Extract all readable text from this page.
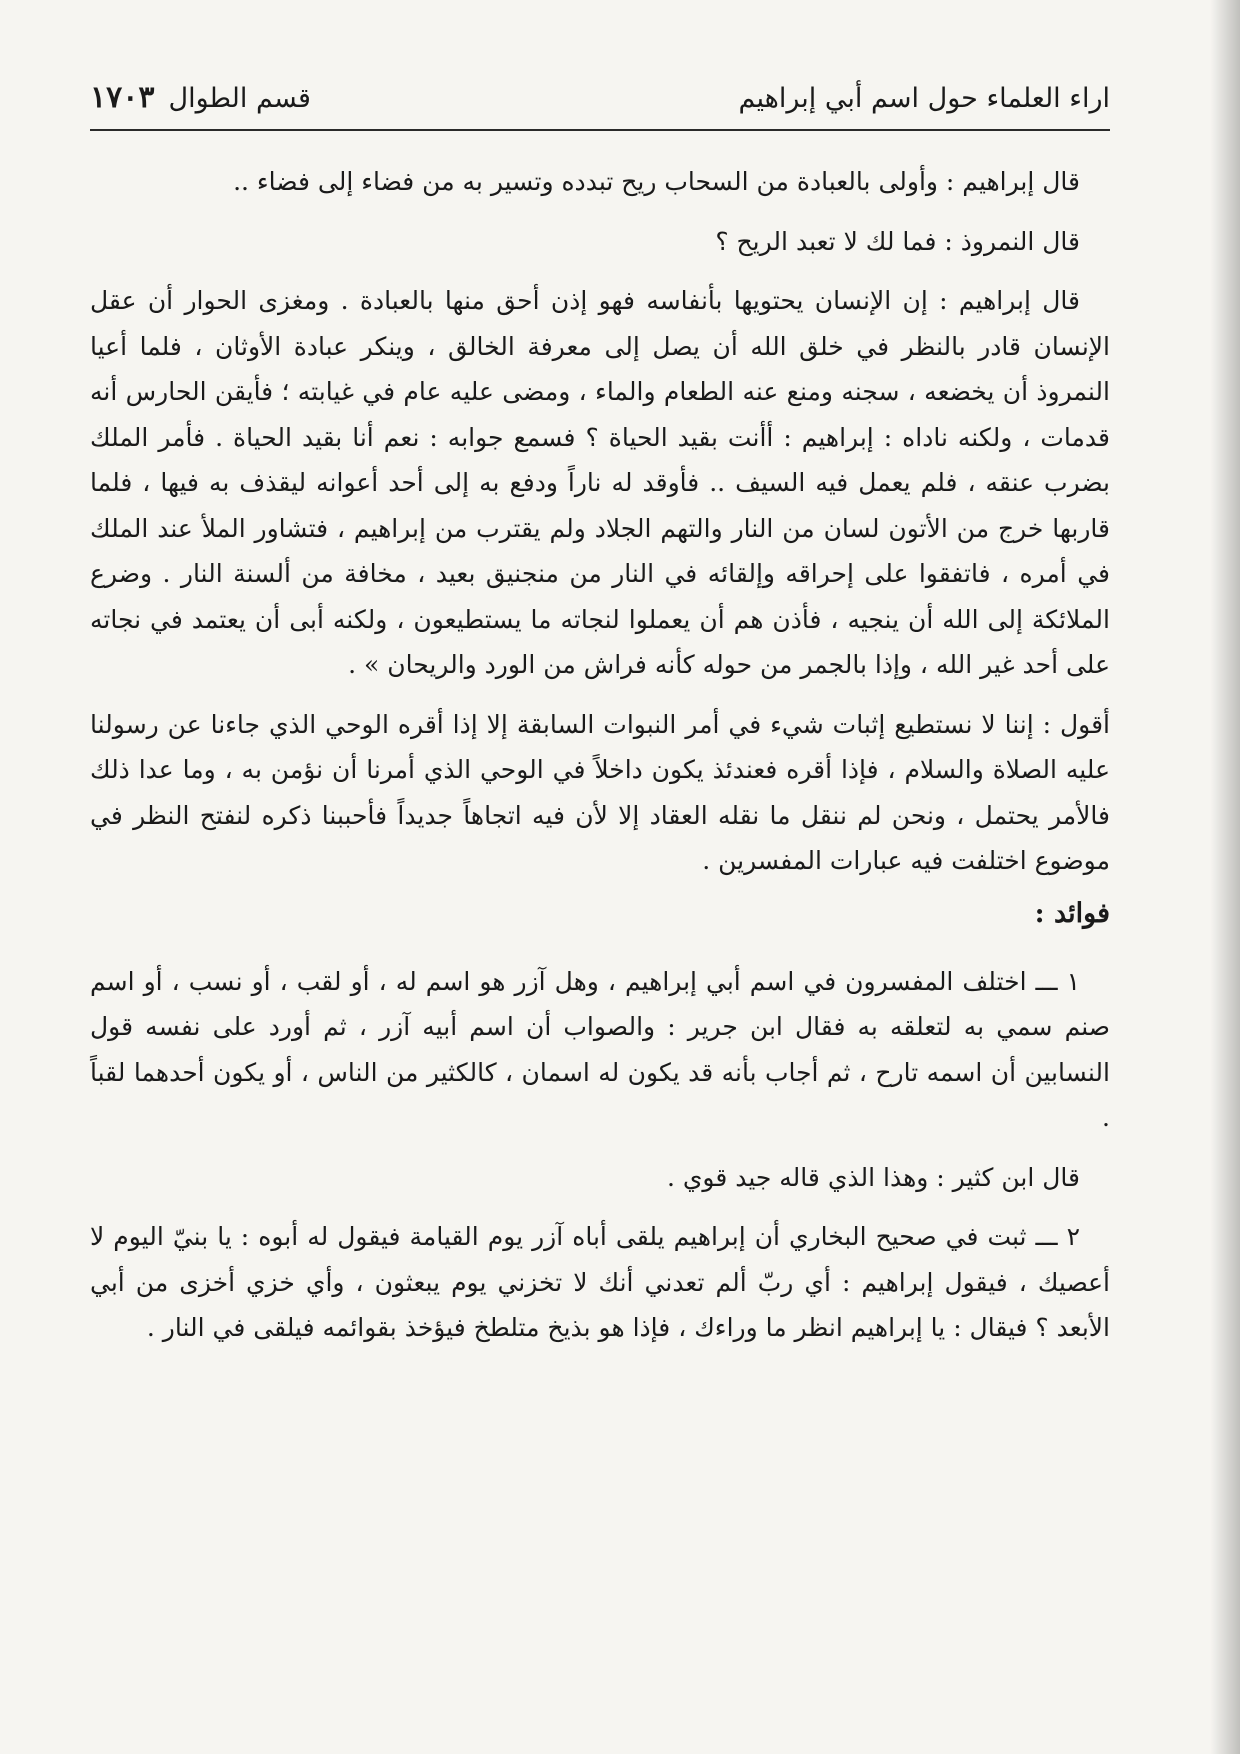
اراء العلماء حول اسم أبي إبراهيم
قسم الطوال
١٧٠٣

قال إبراهيم : وأولى بالعبادة من السحاب ريح تبدده وتسير به من فضاء إلى فضاء ..

قال النمروذ : فما لك لا تعبد الريح ؟

قال إبراهيم : إن الإنسان يحتويها بأنفاسه فهو إذن أحق منها بالعبادة . ومغزى الحوار أن عقل الإنسان قادر بالنظر في خلق الله أن يصل إلى معرفة الخالق ، وينكر عبادة الأوثان ، فلما أعيا النمروذ أن يخضعه ، سجنه ومنع عنه الطعام والماء ، ومضى عليه عام في غيابته ؛ فأيقن الحارس أنه قدمات ، ولكنه ناداه : إبراهيم : أأنت بقيد الحياة ؟ فسمع جوابه : نعم أنا بقيد الحياة . فأمر الملك بضرب عنقه ، فلم يعمل فيه السيف .. فأوقد له ناراً ودفع به إلى أحد أعوانه ليقذف به فيها ، فلما قاربها خرج من الأتون لسان من النار والتهم الجلاد ولم يقترب من إبراهيم ، فتشاور الملأ عند الملك في أمره ، فاتفقوا على إحراقه وإلقائه في النار من منجنيق بعيد ، مخافة من ألسنة النار . وضرع الملائكة إلى الله أن ينجيه ، فأذن هم أن يعملوا لنجاته ما يستطيعون ، ولكنه أبى أن يعتمد في نجاته على أحد غير الله ، وإذا بالجمر من حوله كأنه فراش من الورد والريحان » .

أقول : إننا لا نستطيع إثبات شيء في أمر النبوات السابقة إلا إذا أقره الوحي الذي جاءنا عن رسولنا عليه الصلاة والسلام ، فإذا أقره فعندئذ يكون داخلاً في الوحي الذي أمرنا أن نؤمن به ، وما عدا ذلك فالأمر يحتمل ، ونحن لم ننقل ما نقله العقاد إلا لأن فيه اتجاهاً جديداً فأحببنا ذكره لنفتح النظر في موضوع اختلفت فيه عبارات المفسرين .

فوائد :

١ ـــ اختلف المفسرون في اسم أبي إبراهيم ، وهل آزر هو اسم له ، أو لقب ، أو نسب ، أو اسم صنم سمي به لتعلقه به فقال ابن جرير : والصواب أن اسم أبيه آزر ، ثم أورد على نفسه قول النسابين أن اسمه تارح ، ثم أجاب بأنه قد يكون له اسمان ، كالكثير من الناس ، أو يكون أحدهما لقباً .

قال ابن كثير : وهذا الذي قاله جيد قوي .

٢ ـــ ثبت في صحيح البخاري أن إبراهيم يلقى أباه آزر يوم القيامة فيقول له أبوه : يا بنيّ اليوم لا أعصيك ، فيقول إبراهيم : أي ربّ ألم تعدني أنك لا تخزني يوم يبعثون ، وأي خزي أخزى من أبي الأبعد ؟ فيقال : يا إبراهيم انظر ما وراءك ، فإذا هو بذيخ متلطخ فيؤخذ بقوائمه فيلقى في النار .
